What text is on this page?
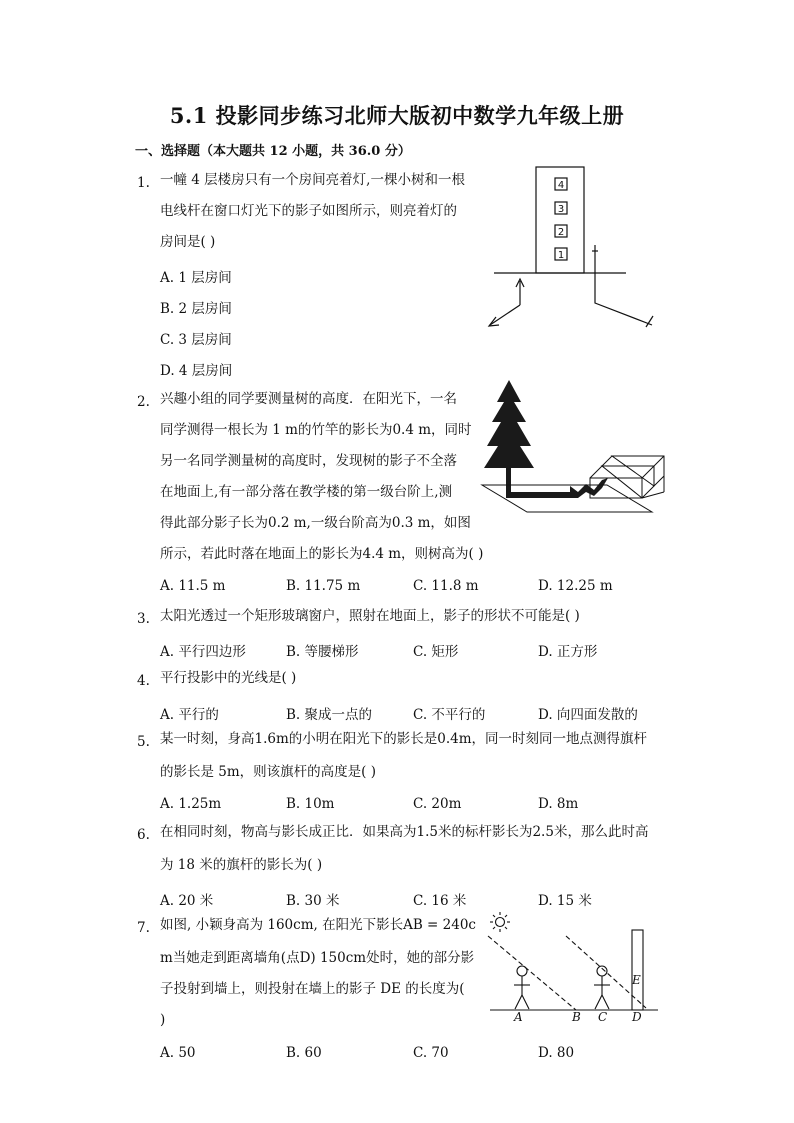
5.1 投影同步练习北师大版初中数学九年级上册
一、选择题（本大题共 12 小题，共 36.0 分）
1. 一幢 4 层楼房只有一个房间亮着灯,一棵小树和一根
电线杆在窗口灯光下的影子如图所示，则亮着灯的
房间是( )
A. 1 层房间
B. 2 层房间
C. 3 层房间
D. 4 层房间
4
3
2
1
2. 兴趣小组的同学要测量树的高度．在阳光下，一名
同学测得一根长为 1 m的竹竿的影长为0.4 m，同时
另一名同学测量树的高度时，发现树的影子不全落
在地面上,有一部分落在教学楼的第一级台阶上,测
得此部分影子长为0.2 m,一级台阶高为0.3 m，如图
所示，若此时落在地面上的影长为4.4 m，则树高为( )
A. 11.5 m	B. 11.75 m	C. 11.8 m	D. 12.25 m
3. 太阳光透过一个矩形玻璃窗户，照射在地面上，影子的形状不可能是( )
A. 平行四边形	B. 等腰梯形	C. 矩形	D. 正方形
4. 平行投影中的光线是( )
A. 平行的	B. 聚成一点的	C. 不平行的	D. 向四面发散的
5. 某一时刻，身高1.6m的小明在阳光下的影长是0.4m，同一时刻同一地点测得旗杆
的影长是 5m，则该旗杆的高度是( )
A. 1.25m	B. 10m	C. 20m	D. 8m
6. 在相同时刻，物高与影长成正比．如果高为1.5米的标杆影长为2.5米，那么此时高
为 18 米的旗杆的影长为( )
A. 20 米	B. 30 米	C. 16 米	D. 15 米
7. 如图, 小颖身高为 160cm, 在阳光下影长AB = 240c
m当她走到距离墙角(点D) 150cm处时，她的部分影
子投射到墙上，则投射在墙上的影子 DE 的长度为(
)
A. 50	B. 60	C. 70	D. 80
A	B C D
E
